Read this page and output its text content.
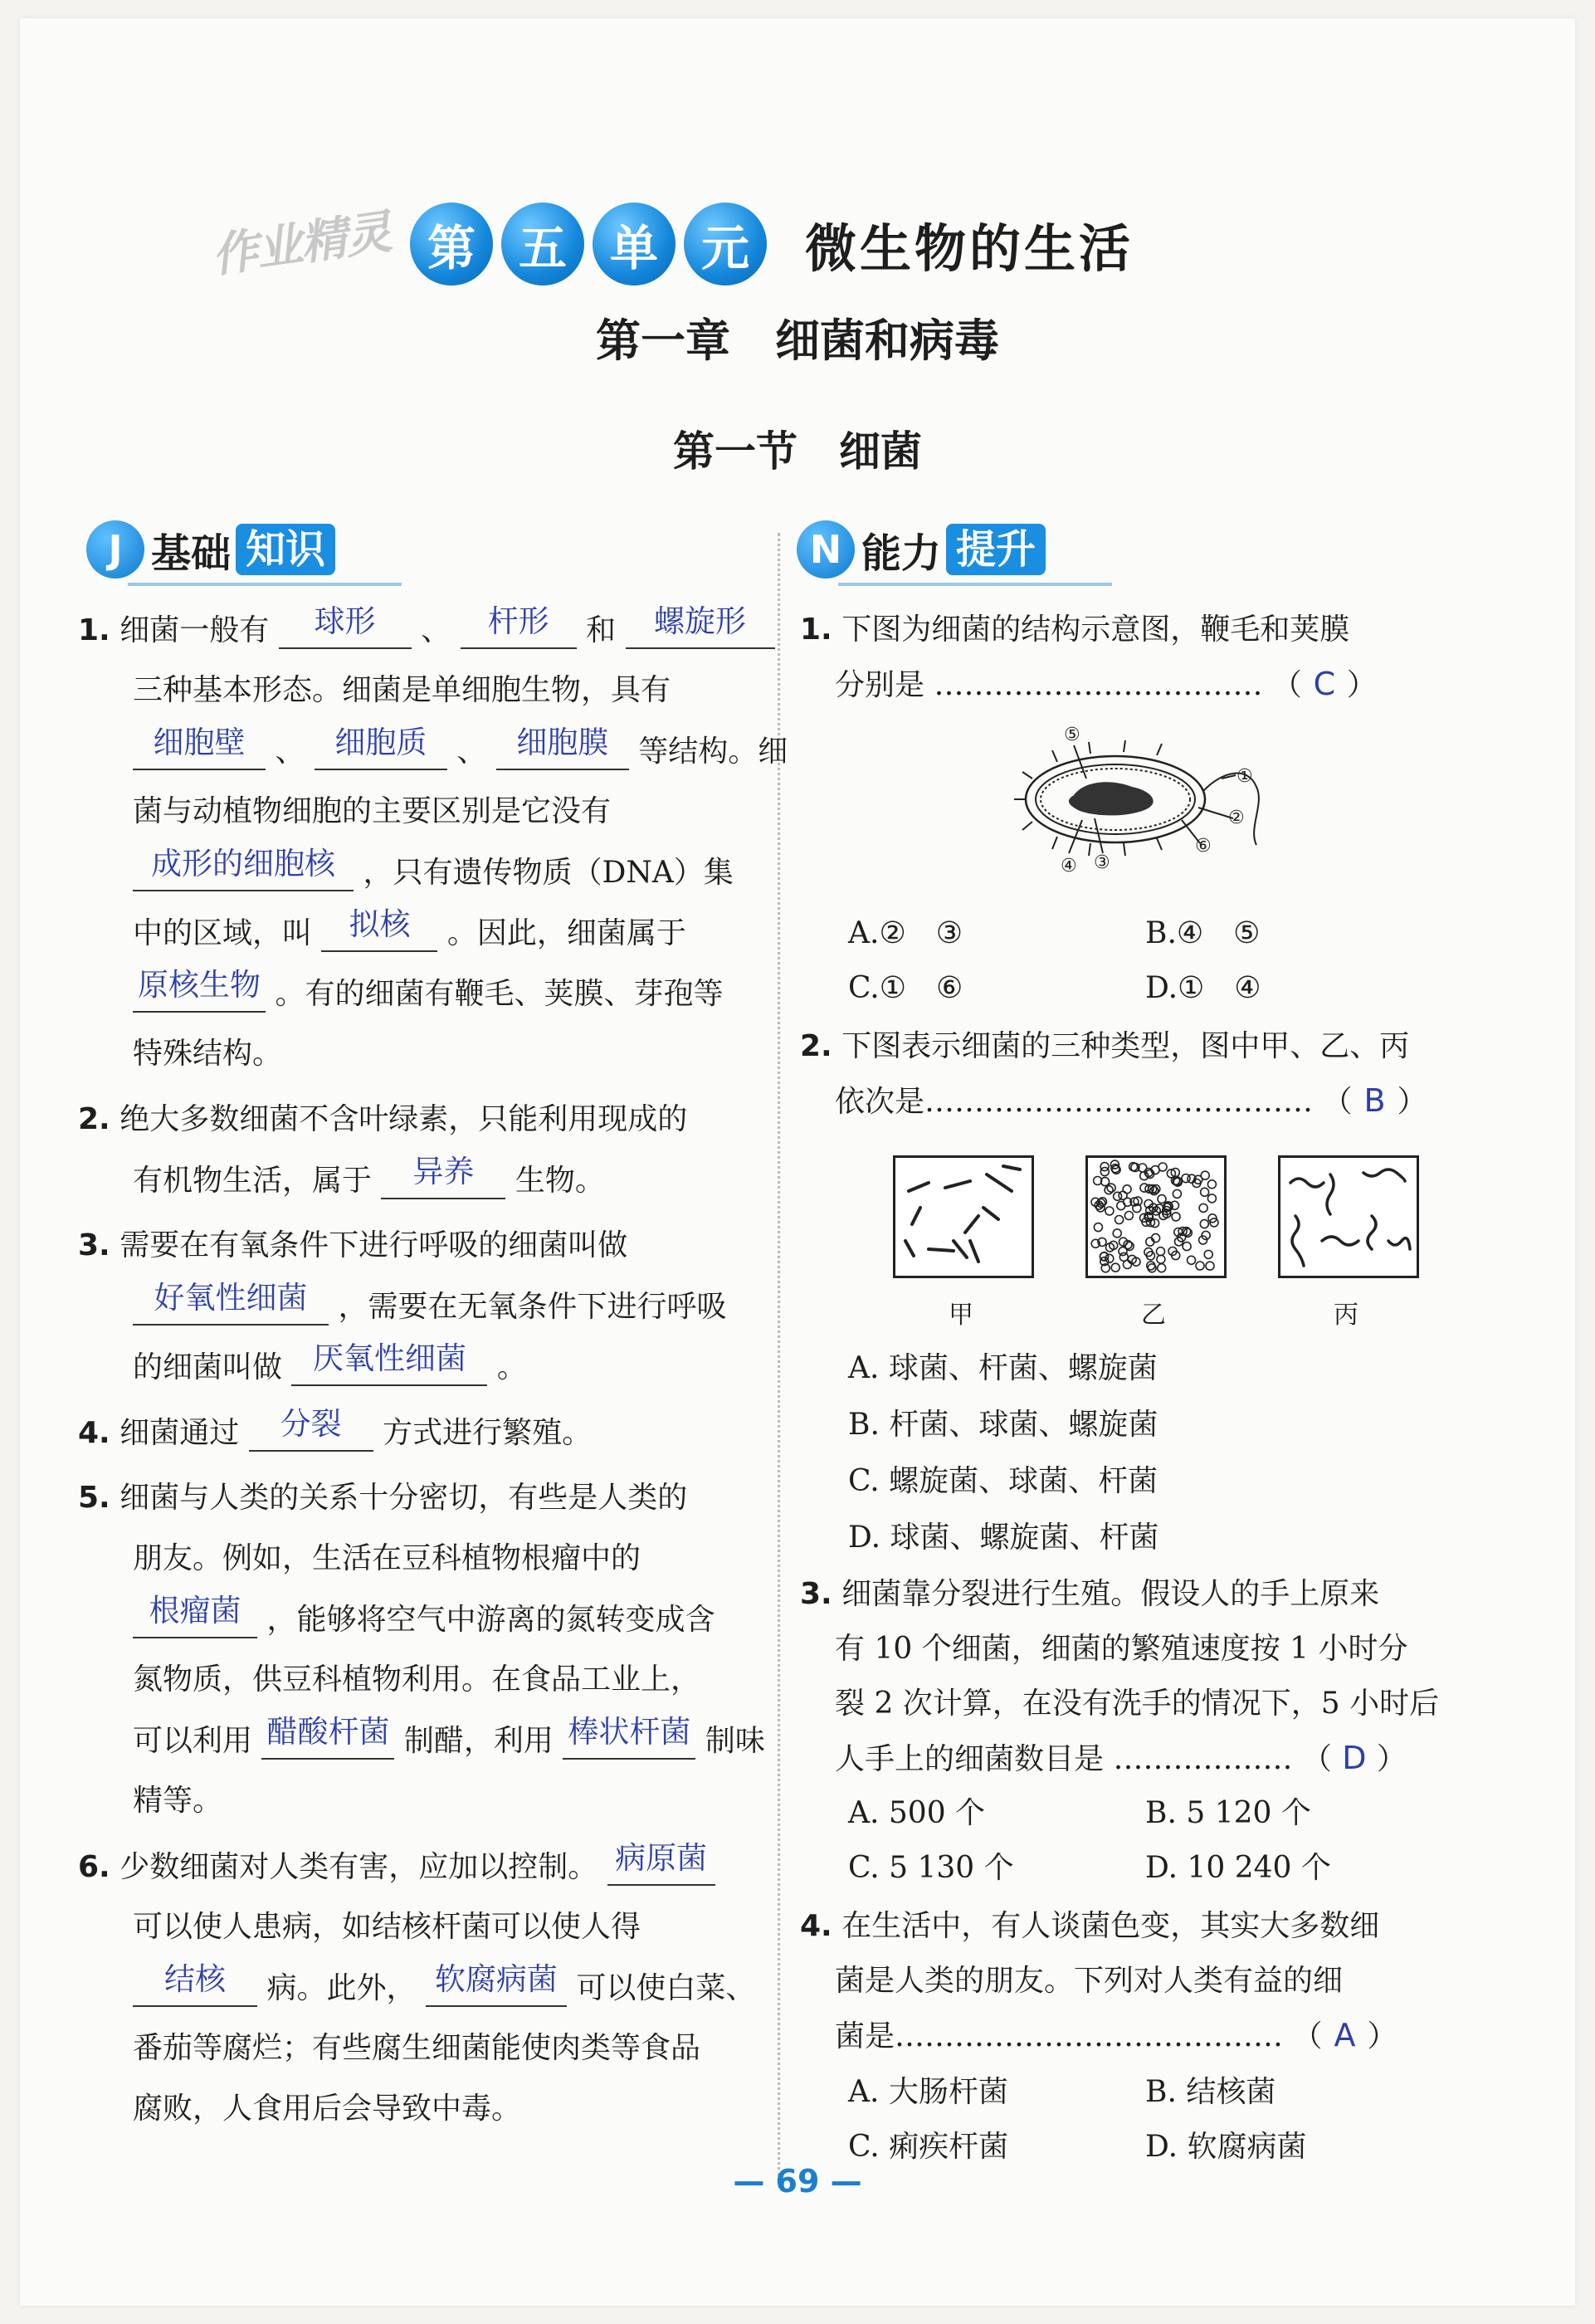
作业精灵 第 五 单 元	微生物的生活
第一章　细菌和病毒
第一节　细菌
J 基础 知识	N 能力 提升
1. 细菌一般有 球形 、 杆形 和 螺旋形
三种基本形态。细菌是单细胞生物，具有
细胞壁 、 细胞质 、 细胞膜 等结构。细
菌与动植物细胞的主要区别是它没有
成形的细胞核 ，只有遗传物质（DNA）集
中的区域，叫 拟核 。因此，细菌属于
原核生物 。有的细菌有鞭毛、荚膜、芽孢等
特殊结构。
2. 绝大多数细菌不含叶绿素，只能利用现成的
有机物生活，属于 异养 生物。
3. 需要在有氧条件下进行呼吸的细菌叫做
好氧性细菌 ，需要在无氧条件下进行呼吸
的细菌叫做 厌氧性细菌 。
4. 细菌通过 分裂 方式进行繁殖。
5. 细菌与人类的关系十分密切，有些是人类的
朋友。例如，生活在豆科植物根瘤中的
根瘤菌 ，能够将空气中游离的氮转变成含
氮物质，供豆科植物利用。在食品工业上，
可以利用 醋酸杆菌 制醋，利用 棒状杆菌 制味
精等。
6. 少数细菌对人类有害，应加以控制。 病原菌
可以使人患病，如结核杆菌可以使人得
结核 病。此外， 软腐病菌 可以使白菜、
番茄等腐烂；有些腐生细菌能使肉类等食品
腐败，人食用后会导致中毒。
1. 下图为细菌的结构示意图，鞭毛和荚膜
分别是 …………………………… （ C ）
⑤
①
②
⑥
④ ③
A.②　③	B.④　⑤
C.①　⑥	D.①　④
2. 下图表示细菌的三种类型，图中甲、乙、丙
依次是………………………………… （ B ）
甲	乙	丙
A. 球菌、杆菌、螺旋菌
B. 杆菌、球菌、螺旋菌
C. 螺旋菌、球菌、杆菌
D. 球菌、螺旋菌、杆菌
3. 细菌靠分裂进行生殖。假设人的手上原来
有 10 个细菌，细菌的繁殖速度按 1 小时分
裂 2 次计算，在没有洗手的情况下，5 小时后
人手上的细菌数目是 ……………… （ D ）
A. 500 个	B. 5 120 个
C. 5 130 个	D. 10 240 个
4. 在生活中，有人谈菌色变，其实大多数细
菌是人类的朋友。下列对人类有益的细
菌是………………………………… （ A ）
A. 大肠杆菌	B. 结核菌
C. 痢疾杆菌	D. 软腐病菌
— 69 —
